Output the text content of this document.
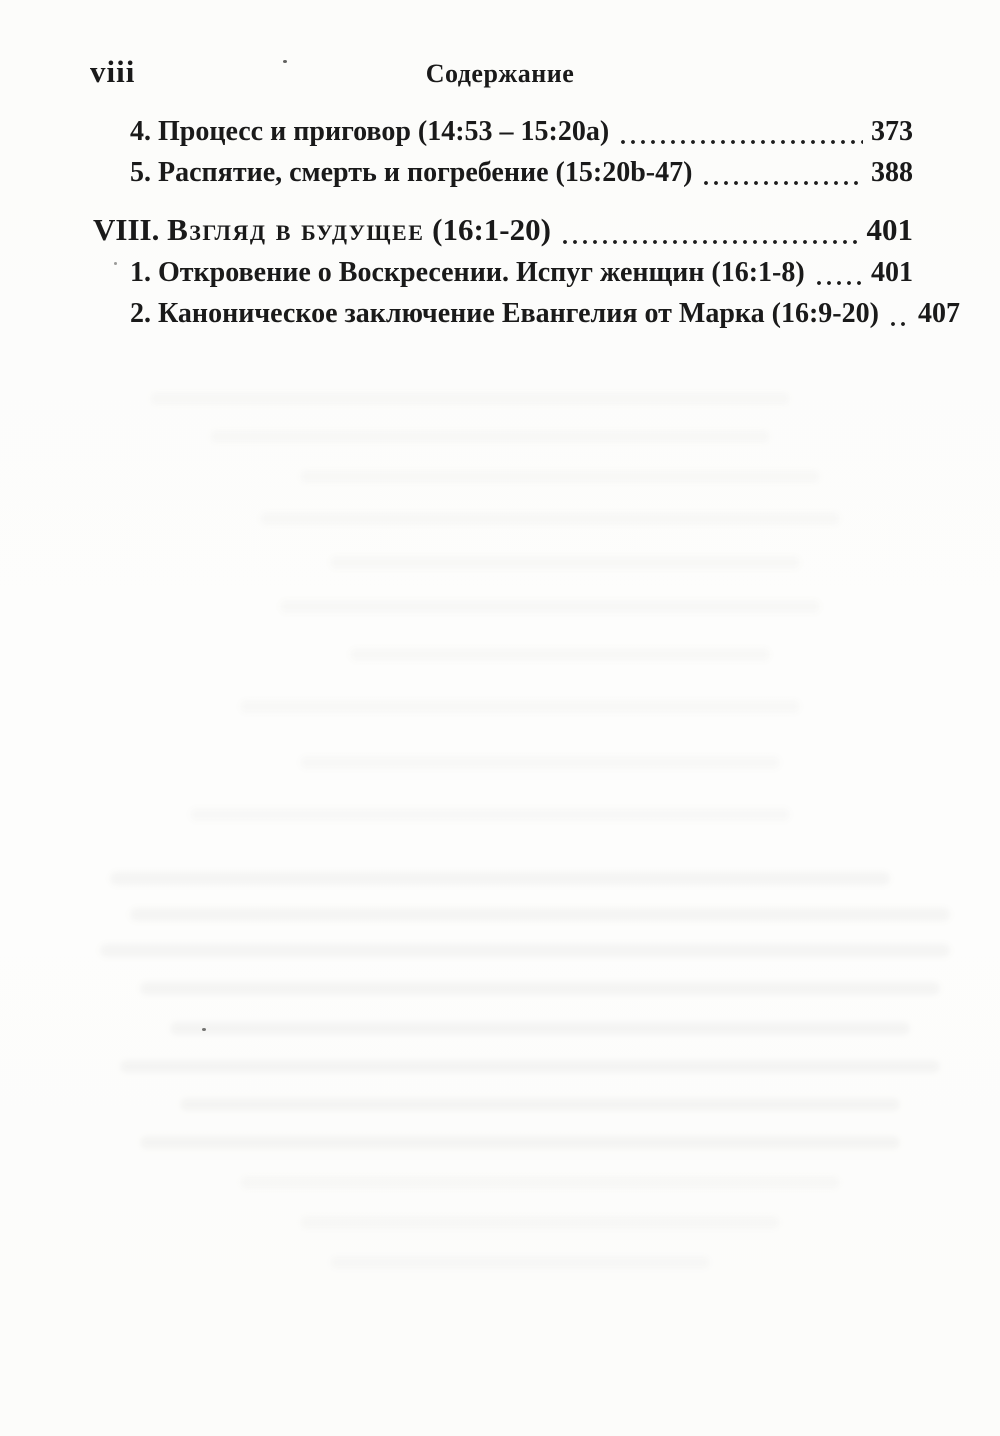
viii	Содержание
4. Процесс и приговор (14:53 – 15:20a)	373
5. Распятие, смерть и погребение (15:20b-47)	388
VIII. Взгляд в будущее (16:1-20)	401
1. Откровение о Воскресении. Испуг женщин (16:1-8) 401
2. Каноническое заключение Евангелия от Марка (16:9-20) 407
